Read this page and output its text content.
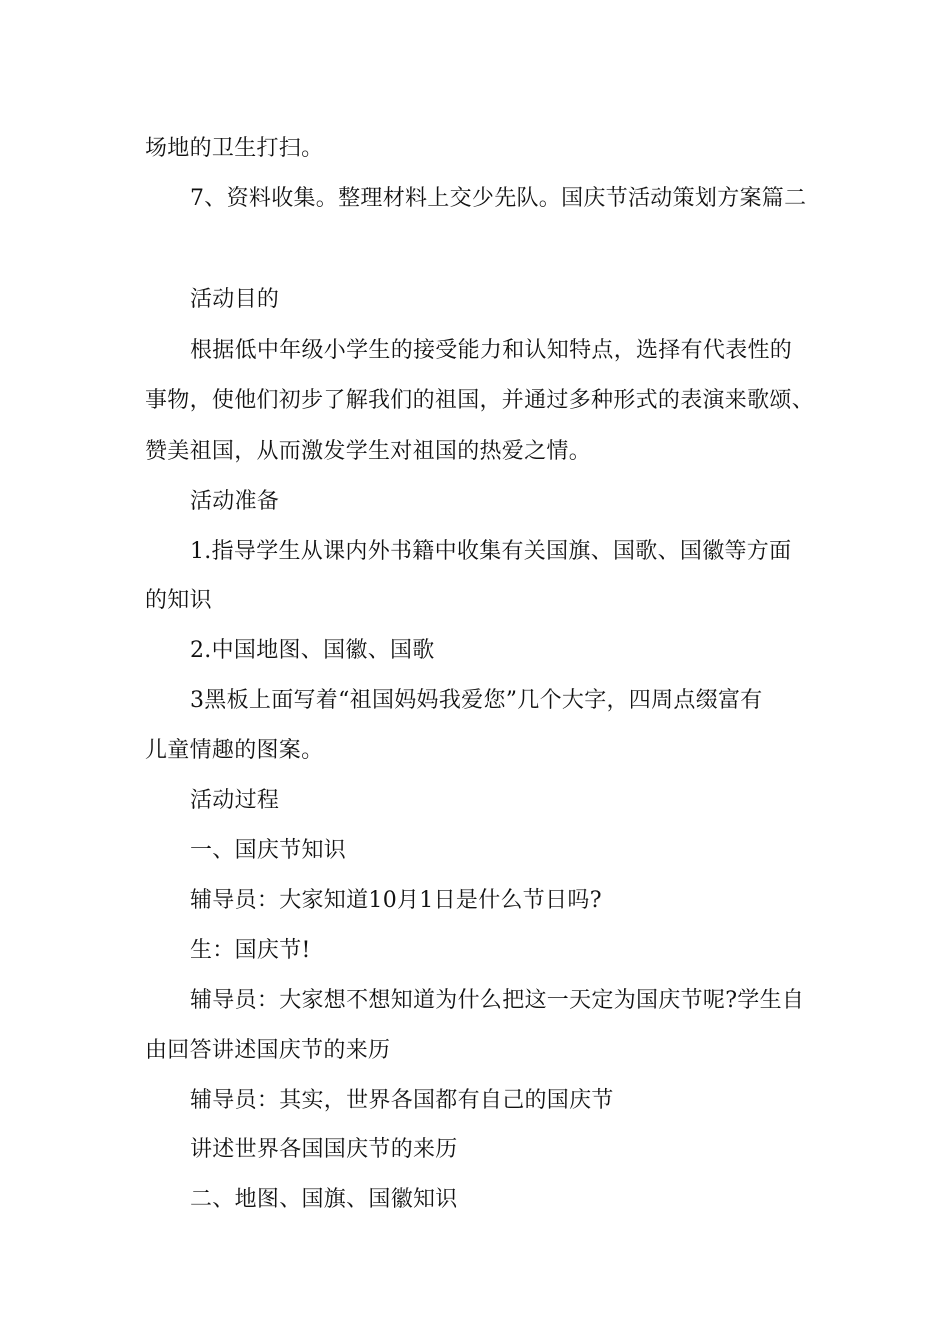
场地的卫生打扫。
7、资料收集。整理材料上交少先队。国庆节活动策划方案篇二
活动目的
根据低中年级小学生的接受能力和认知特点，选择有代表性的
事物，使他们初步了解我们的祖国，并通过多种形式的表演来歌颂、
赞美祖国，从而激发学生对祖国的热爱之情。
活动准备
1.指导学生从课内外书籍中收集有关国旗、国歌、国徽等方面
的知识
2.中国地图、国徽、国歌
3黑板上面写着“祖国妈妈我爱您”几个大字，四周点缀富有
儿童情趣的图案。
活动过程
一、国庆节知识
辅导员：大家知道10月1日是什么节日吗?
生：国庆节!
辅导员：大家想不想知道为什么把这一天定为国庆节呢?学生自
由回答讲述国庆节的来历
辅导员：其实，世界各国都有自己的国庆节
讲述世界各国国庆节的来历
二、地图、国旗、国徽知识
